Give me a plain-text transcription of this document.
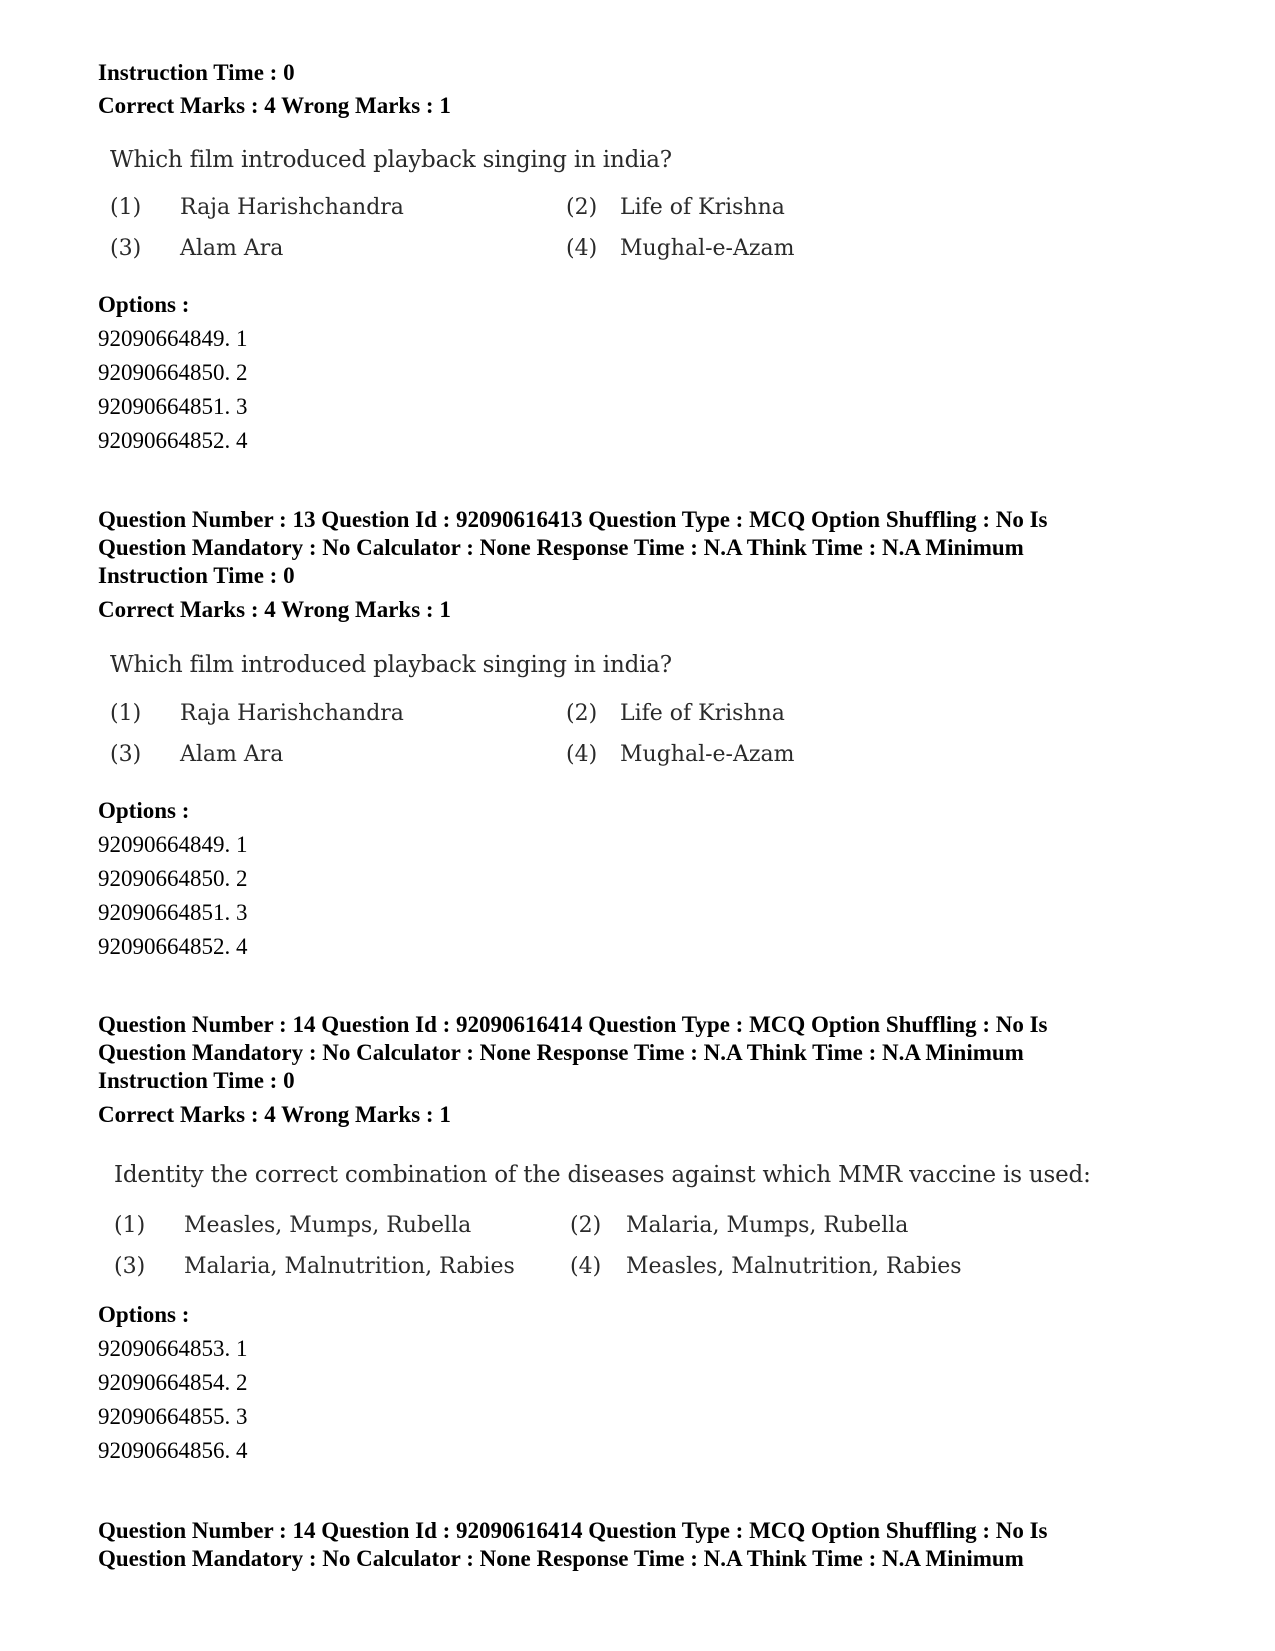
Instruction Time : 0
Correct Marks : 4 Wrong Marks : 1
Which film introduced playback singing in india?
(1) Raja Harishchandra	(2) Life of Krishna
(3) Alam Ara	(4) Mughal-e-Azam
Options :
92090664849. 1
92090664850. 2
92090664851. 3
92090664852. 4
Question Number : 13 Question Id : 92090616413 Question Type : MCQ Option Shuffling : No Is
Question Mandatory : No Calculator : None Response Time : N.A Think Time : N.A Minimum
Instruction Time : 0
Correct Marks : 4 Wrong Marks : 1
Which film introduced playback singing in india?
(1) Raja Harishchandra	(2) Life of Krishna
(3) Alam Ara	(4) Mughal-e-Azam
Options :
92090664849. 1
92090664850. 2
92090664851. 3
92090664852. 4
Question Number : 14 Question Id : 92090616414 Question Type : MCQ Option Shuffling : No Is
Question Mandatory : No Calculator : None Response Time : N.A Think Time : N.A Minimum
Instruction Time : 0
Correct Marks : 4 Wrong Marks : 1
Identity the correct combination of the diseases against which MMR vaccine is used:
(1) Measles, Mumps, Rubella	(2) Malaria, Mumps, Rubella
(3) Malaria, Malnutrition, Rabies	(4) Measles, Malnutrition, Rabies
Options :
92090664853. 1
92090664854. 2
92090664855. 3
92090664856. 4
Question Number : 14 Question Id : 92090616414 Question Type : MCQ Option Shuffling : No Is
Question Mandatory : No Calculator : None Response Time : N.A Think Time : N.A Minimum
